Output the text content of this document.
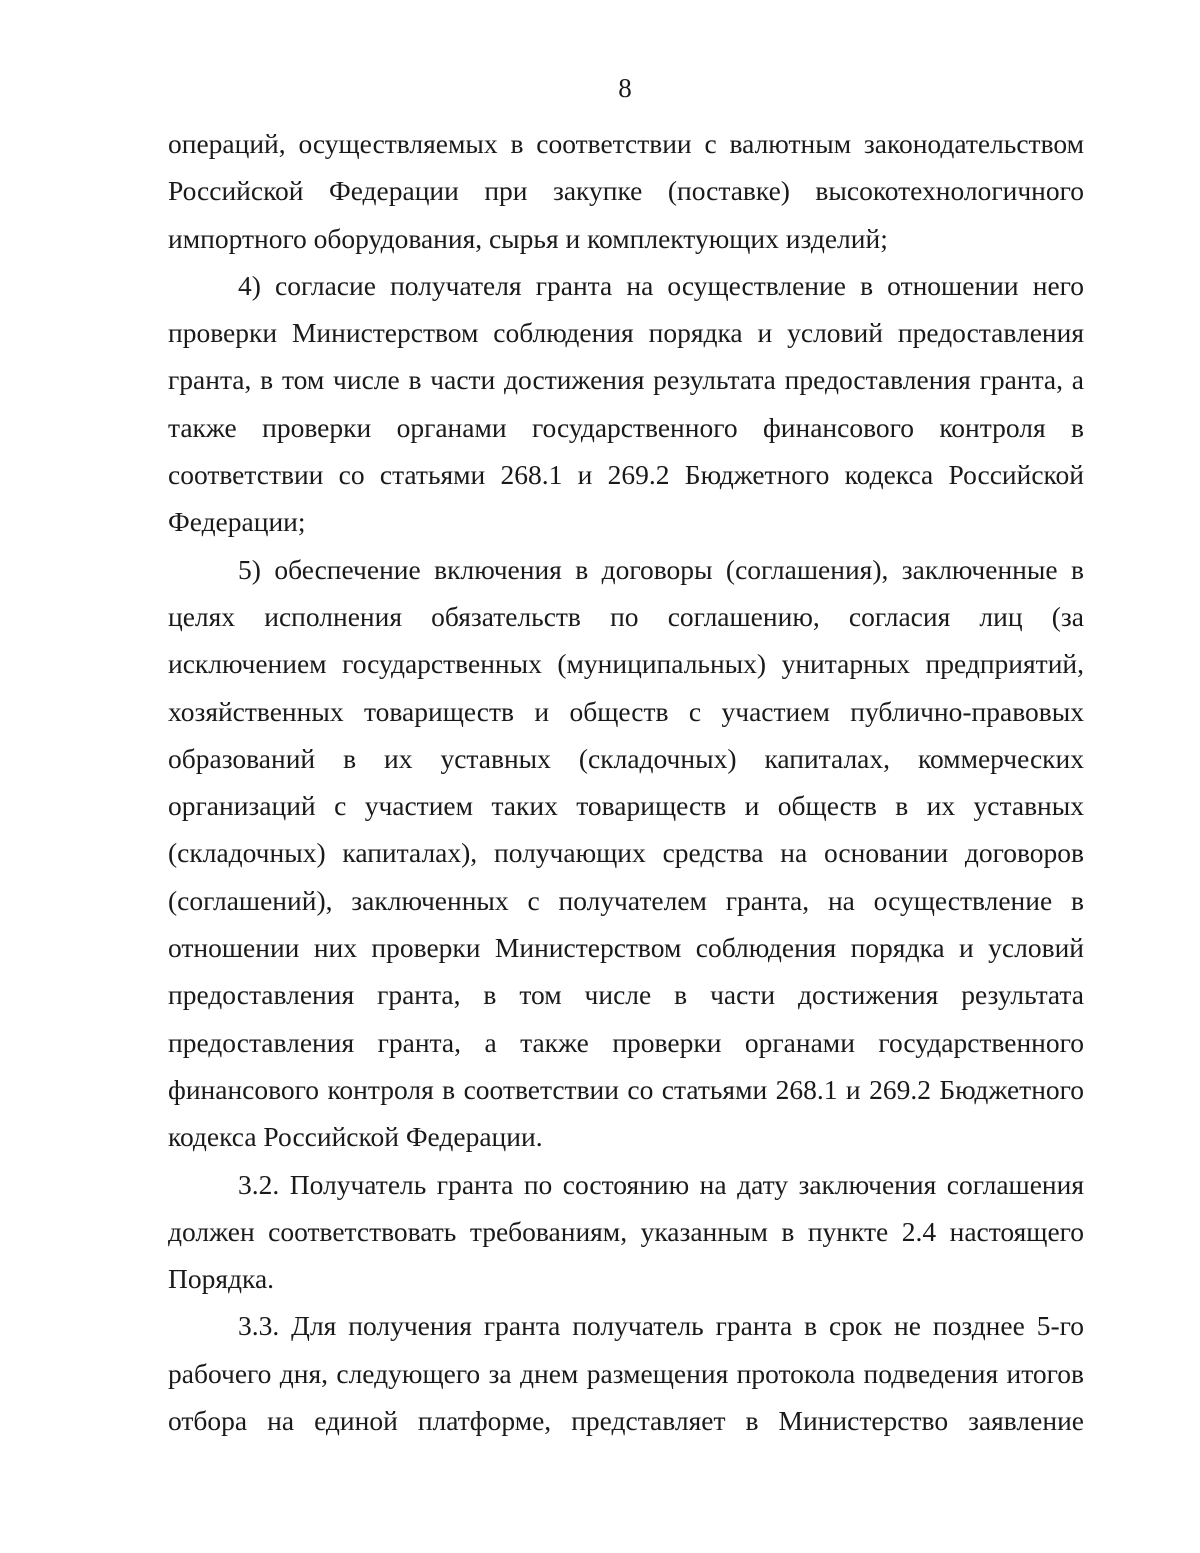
8

операций, осуществляемых в соответствии с валютным законодательством Российской Федерации при закупке (поставке) высокотехнологичного импортного оборудования, сырья и комплектующих изделий;

4) согласие получателя гранта на осуществление в отношении него проверки Министерством соблюдения порядка и условий предоставления гранта, в том числе в части достижения результата предоставления гранта, а также проверки органами государственного финансового контроля в соответствии со статьями 268.1 и 269.2 Бюджетного кодекса Российской Федерации;

5) обеспечение включения в договоры (соглашения), заключенные в целях исполнения обязательств по соглашению, согласия лиц (за исключением государственных (муниципальных) унитарных предприятий, хозяйственных товариществ и обществ с участием публично-правовых образований в их уставных (складочных) капиталах, коммерческих организаций с участием таких товариществ и обществ в их уставных (складочных) капиталах), получающих средства на основании договоров (соглашений), заключенных с получателем гранта, на осуществление в отношении них проверки Министерством соблюдения порядка и условий предоставления гранта, в том числе в части достижения результата предоставления гранта, а также проверки органами государственного финансового контроля в соответствии со статьями 268.1 и 269.2 Бюджетного кодекса Российской Федерации.

3.2. Получатель гранта по состоянию на дату заключения соглашения должен соответствовать требованиям, указанным в пункте 2.4 настоящего Порядка.

3.3. Для получения гранта получатель гранта в срок не позднее 5-го рабочего дня, следующего за днем размещения протокола подведения итогов отбора на единой платформе, представляет в Министерство заявление
